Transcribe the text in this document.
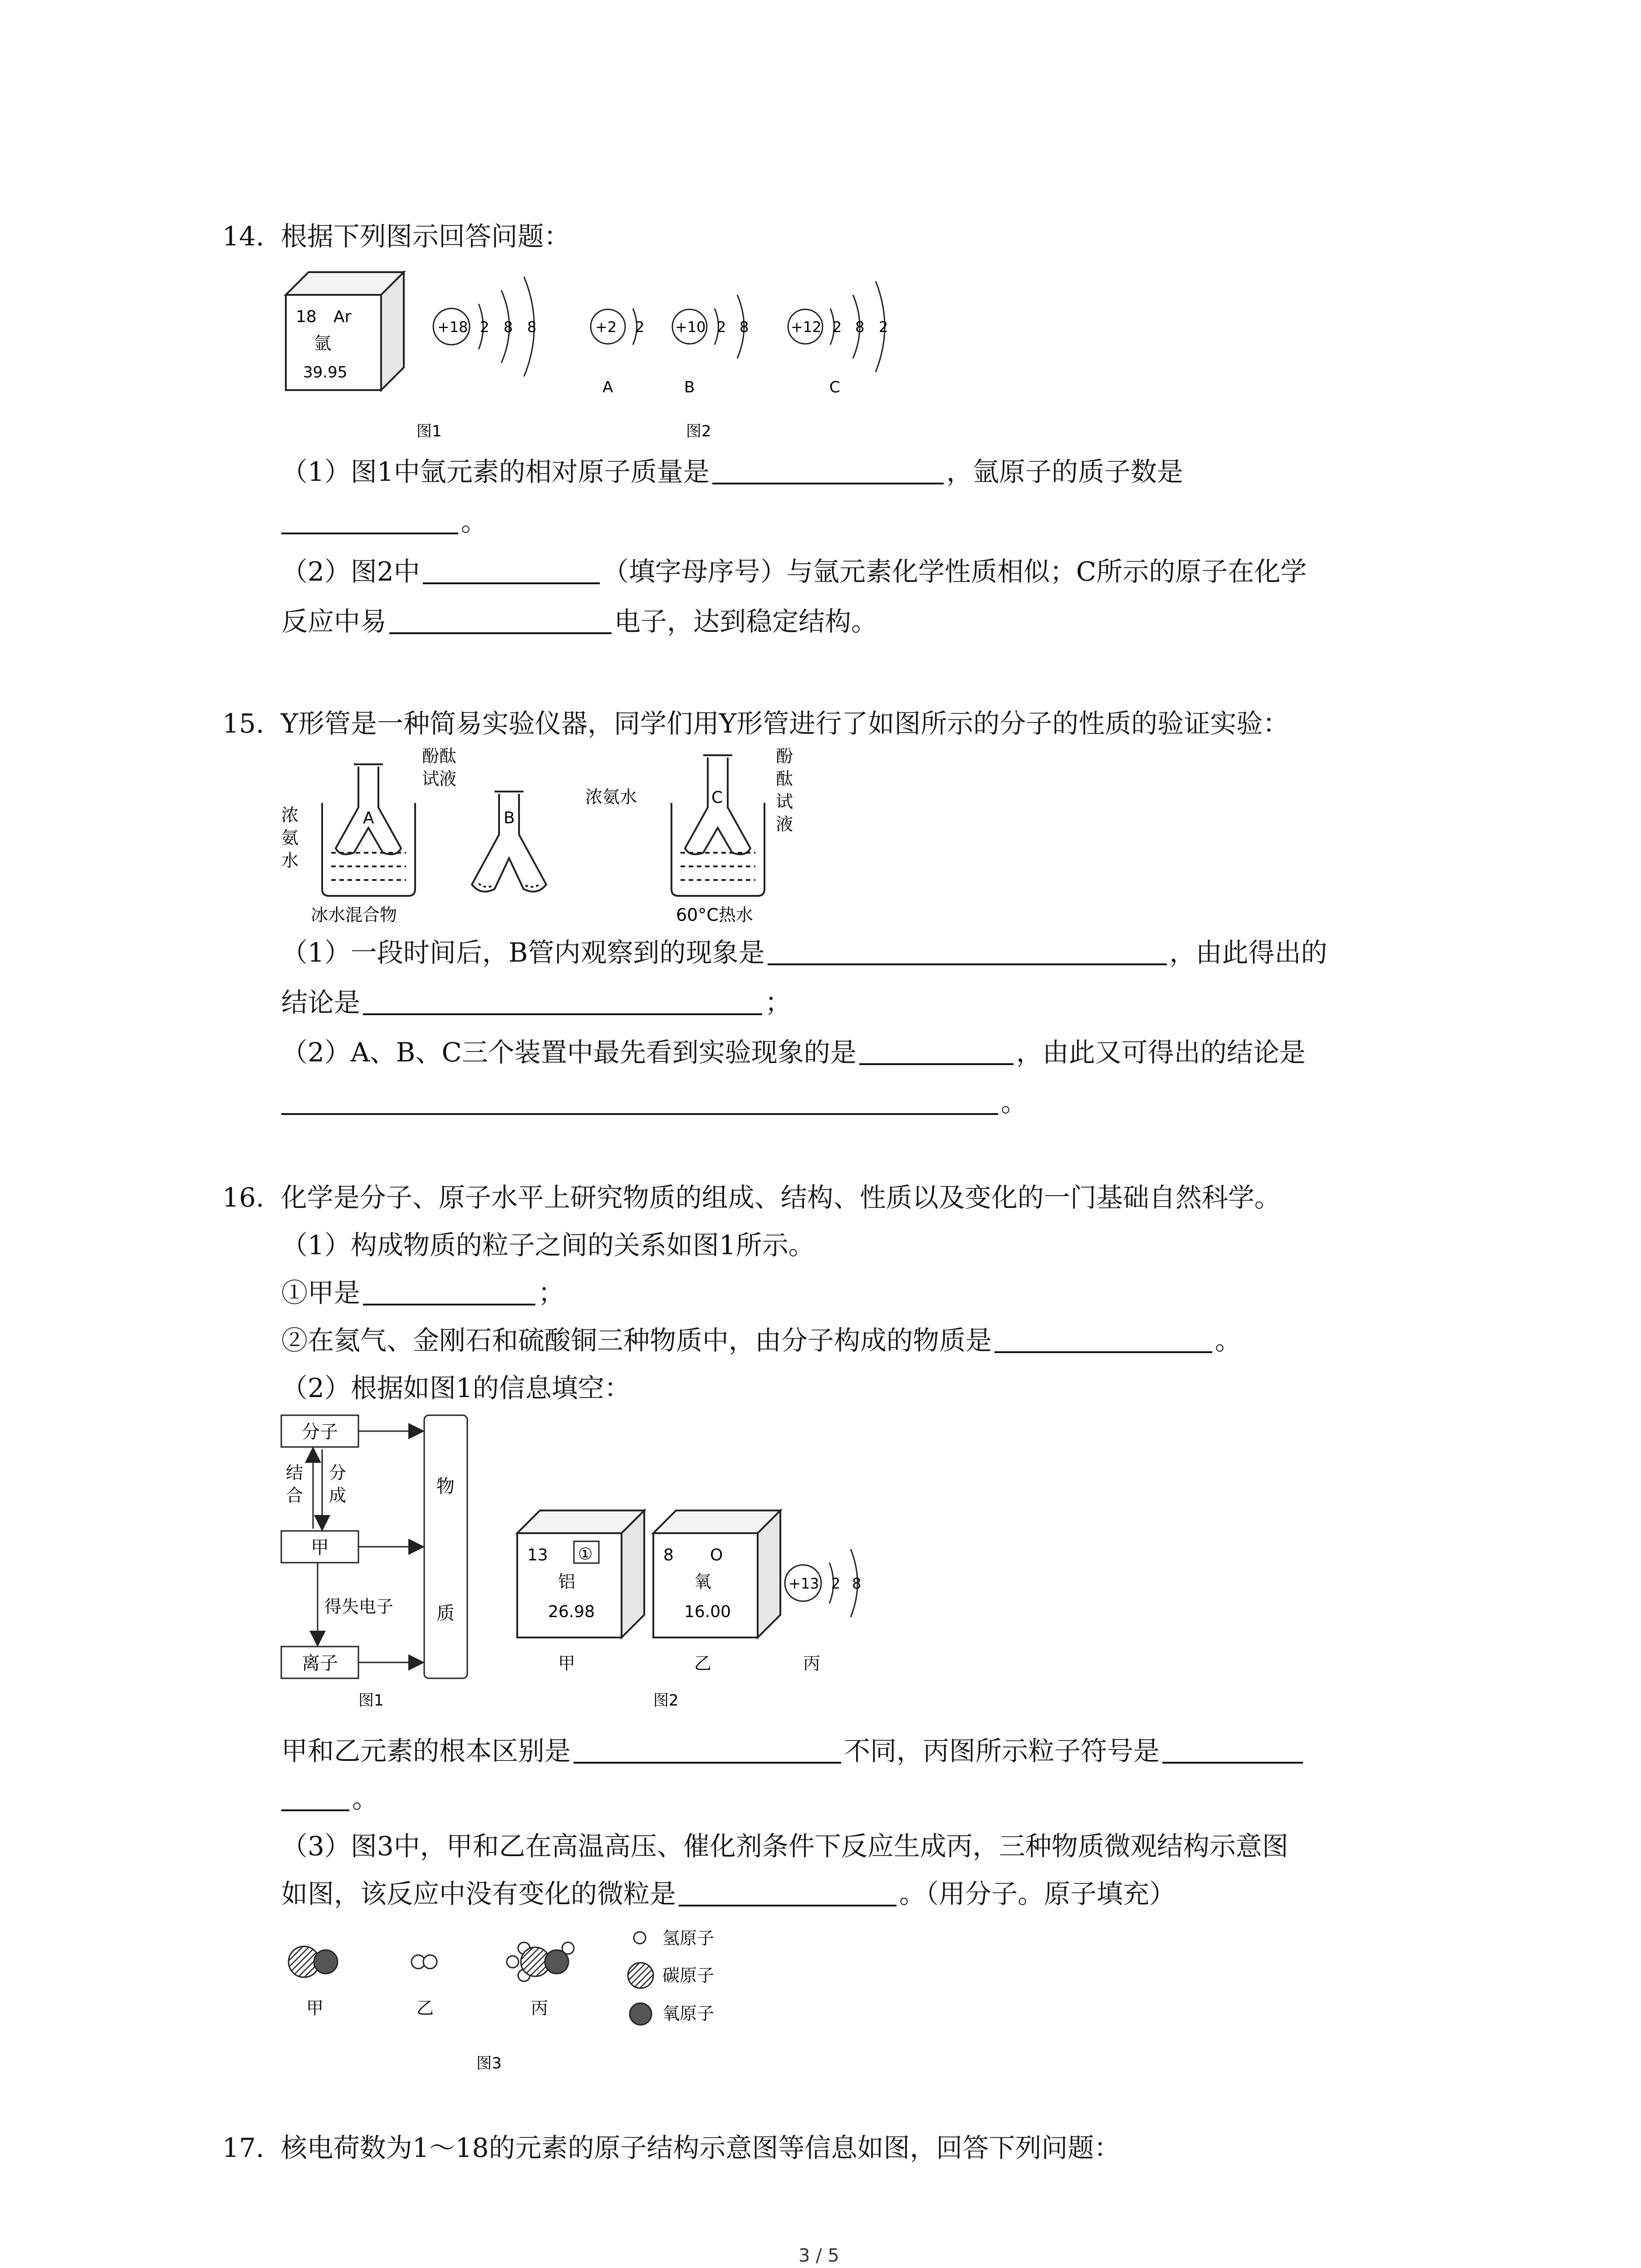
14. 根据下列图示回答问题：
18 Ar
氩
39.95
+18 2 8 8	+2 2
A
+10 2 8
B
+12 2 8 2
C
图1	图2
（1）图1中氩元素的相对原子质量是	，氩原子的质子数是
。
（2）图2中	（填字母序号）与氩元素化学性质相似；C所示的原子在化学
反应中易	电子，达到稳定结构。
15. Y形管是一种简易实验仪器，同学们用Y形管进行了如图所示的分子的性质的验证实验：
A
浓
氨
水
冰水混合物
B
酚酞
试液
浓氨水	C
酚
酞
试
液
60°C热水
（1）一段时间后，B管内观察到的现象是	，由此得出的
结论是	；
（2）A、B、C三个装置中最先看到实验现象的是	，由此又可得出的结论是
。
16. 化学是分子、原子水平上研究物质的组成、结构、性质以及变化的一门基础自然科学。
（1）构成物质的粒子之间的关系如图1所示。
①甲是	；
②在氦气、金刚石和硫酸铜三种物质中，由分子构成的物质是	。
（2）根据如图1的信息填空：
分子
甲
离子
物
质
结
合
分
成
得失电子
图1
13 ①
铝
26.98
甲
8 O
氧
16.00
乙
+13 2 8
丙
图2
甲和乙元素的根本区别是	不同，丙图所示粒子符号是
。
（3）图3中，甲和乙在高温高压、催化剂条件下反应生成丙，三种物质微观结构示意图
如图，该反应中没有变化的微粒是	。（用分子。原子填充）
甲	乙	丙
氢原子
碳原子
氧原子
图3
17. 核电荷数为1～18的元素的原子结构示意图等信息如图，回答下列问题：
3 / 5
